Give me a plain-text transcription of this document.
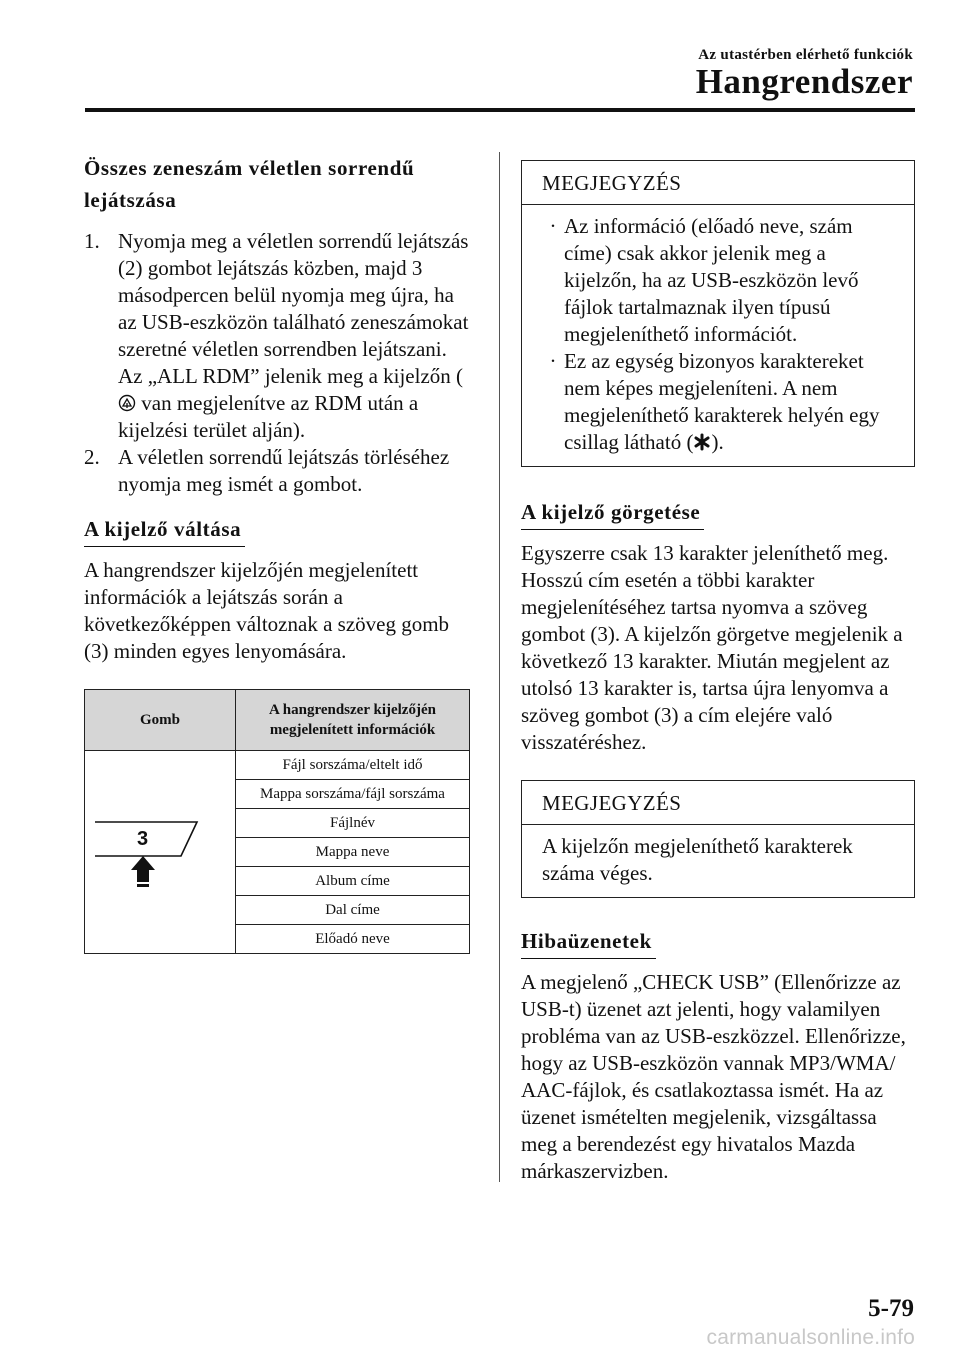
Az utastérben elérhető funkciók
Hangrendszer
Összes zeneszám véletlen sorrendű lejátszása
1. Nyomja meg a véletlen sorrendű lejátszás (2) gombot lejátszás közben, majd 3 másodpercen belül nyomja meg újra, ha az USB-eszközön található zeneszámokat szeretné véletlen sorrendben lejátszani. Az „ALL RDM” jelenik meg a kijelzőn (  van megjelenítve az RDM után a kijelzési terület alján).
2. A véletlen sorrendű lejátszás törléséhez nyomja meg ismét a gombot.
A kijelző váltása

A hangrendszer kijelzőjén megjelenített információk a lejátszás során a következőképpen változnak a szöveg gomb (3) minden egyes lenyomására.

Gomb	A hangrendszer kijelzőjén megjelenített információk

3	Fájl sorszáma/eltelt idő
	Mappa sorszáma/fájl sorszáma
	Fájlnév
	Mappa neve
	Album címe
	Dal címe
	Előadó neve
MEGJEGYZÉS
· Az információ (előadó neve, szám címe) csak akkor jelenik meg a kijelzőn, ha az USB-eszközön levő fájlok tartalmaznak ilyen típusú megjeleníthető információt.
· Ez az egység bizonyos karaktereket nem képes megjeleníteni. A nem megjeleníthető karakterek helyén egy csillag látható ( ).
A kijelző görgetése

Egyszerre csak 13 karakter jeleníthető meg. Hosszú cím esetén a többi karakter megjelenítéséhez tartsa nyomva a szöveg gombot (3). A kijelzőn görgetve megjelenik a következő 13 karakter. Miután megjelent az utolsó 13 karakter is, tartsa újra lenyomva a szöveg gombot (3) a cím elejére való visszatéréshez.

MEGJEGYZÉS

A kijelzőn megjeleníthető karakterek száma véges.

Hibaüzenetek

A megjelenő „CHECK USB” (Ellenőrizze az USB-t) üzenet azt jelenti, hogy valamilyen probléma van az USB-eszközzel. Ellenőrizze, hogy az USB-eszközön vannak MP3/WMA/ AAC-fájlok, és csatlakoztassa ismét. Ha az üzenet ismételten megjelenik, vizsgáltassa meg a berendezést egy hivatalos Mazda márkaszervizben.

5-79
carmanualsonline.info
